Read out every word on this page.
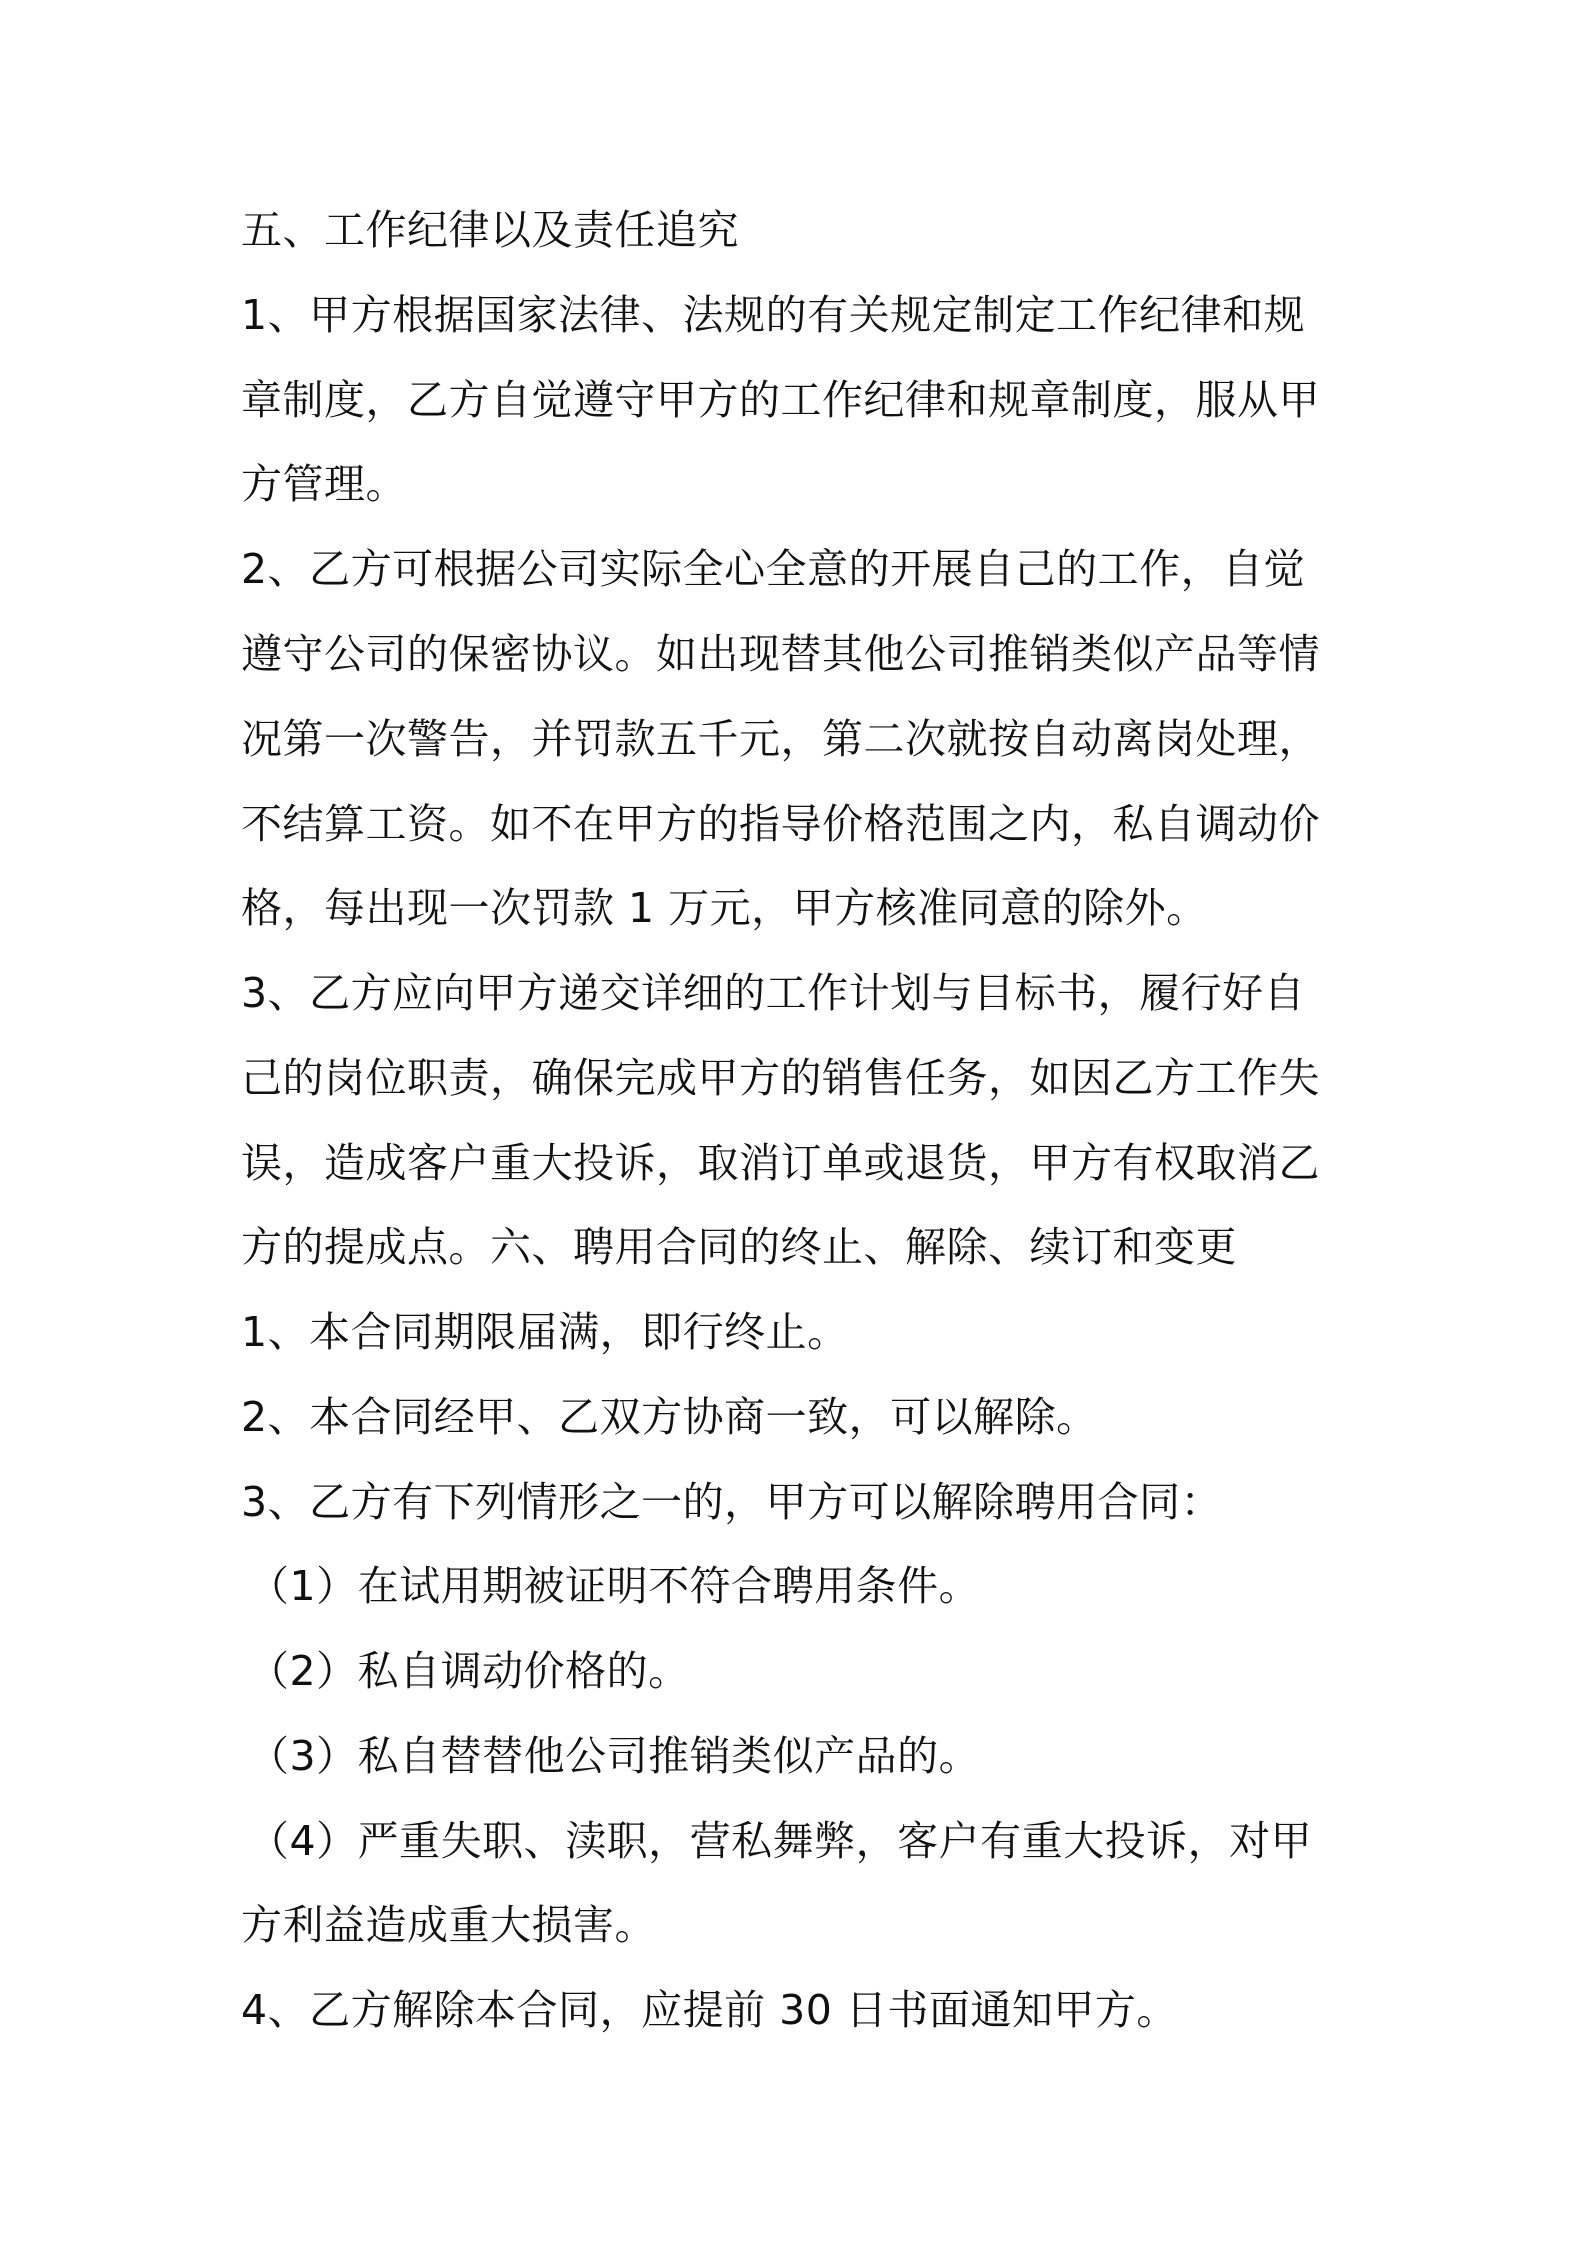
五、工作纪律以及责任追究
1、甲方根据国家法律、法规的有关规定制定工作纪律和规
章制度，乙方自觉遵守甲方的工作纪律和规章制度，服从甲
方管理。
2、乙方可根据公司实际全心全意的开展自己的工作，自觉
遵守公司的保密协议。如出现替其他公司推销类似产品等情
况第一次警告，并罚款五千元，第二次就按自动离岗处理，
不结算工资。如不在甲方的指导价格范围之内，私自调动价
格，每出现一次罚款 1 万元，甲方核准同意的除外。
3、乙方应向甲方递交详细的工作计划与目标书，履行好自
己的岗位职责，确保完成甲方的销售任务，如因乙方工作失
误，造成客户重大投诉，取消订单或退货，甲方有权取消乙
方的提成点。六、聘用合同的终止、解除、续订和变更
1、本合同期限届满，即行终止。
2、本合同经甲、乙双方协商一致，可以解除。
3、乙方有下列情形之一的，甲方可以解除聘用合同：
（1）在试用期被证明不符合聘用条件。
（2）私自调动价格的。
（3）私自替替他公司推销类似产品的。
（4）严重失职、渎职，营私舞弊，客户有重大投诉，对甲
方利益造成重大损害。
4、乙方解除本合同，应提前 30 日书面通知甲方。
